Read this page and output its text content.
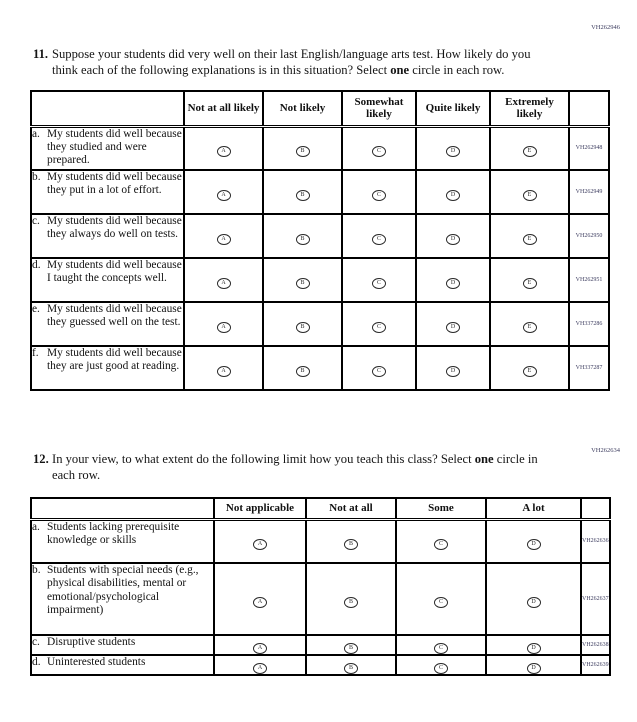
VH262946
11. Suppose your students did very well on their last English/language arts test. How likely do you think each of the following explanations is in this situation? Select one circle in each row.
	Not at all likely	Not likely	Somewhat likely	Quite likely	Extremely likely	

a. My students did well because they studied and were prepared.	A	B	C	D	E	VH262948

b. My students did well because they put in a lot of effort.	A	B	C	D	E	VH262949

c. My students did well because they always do well on tests.	A	B	C	D	E	VH262950

d. My students did well because I taught the concepts well.	A	B	C	D	E	VH262951

e. My students did well because they guessed well on the test.	A	B	C	D	E	VH337286

f. My students did well because they are just good at reading.	A	B	C	D	E	VH337287
VH262634
12. In your view, to what extent do the following limit how you teach this class? Select one circle in each row.
	Not applicable	Not at all	Some	A lot	

a. Students lacking prerequisite knowledge or skills	A	B	C	D	VH262636

b. Students with special needs (e.g., physical disabilities, mental or emotional/psychological impairment)	A	B	C	D	VH262637

c. Disruptive students	A	B	C	D	VH262638

d. Uninterested students	A	B	C	D	VH262639
